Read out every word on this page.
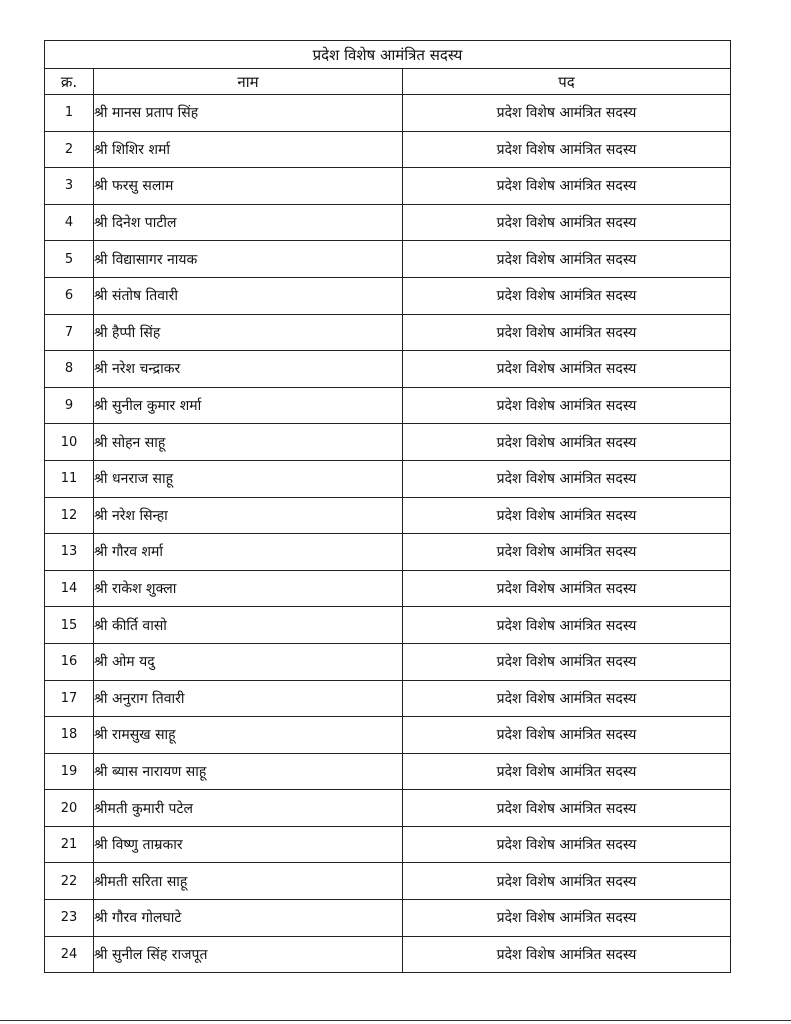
प्रदेश विशेष आमंत्रित सदस्य		
क्र.	नाम	पद
1	श्री मानस प्रताप सिंह	प्रदेश विशेष आमंत्रित सदस्य
2	श्री शिशिर शर्मा	प्रदेश विशेष आमंत्रित सदस्य
3	श्री फरसु सलाम	प्रदेश विशेष आमंत्रित सदस्य
4	श्री दिनेश पाटील	प्रदेश विशेष आमंत्रित सदस्य
5	श्री विद्यासागर नायक	प्रदेश विशेष आमंत्रित सदस्य
6	श्री संतोष तिवारी	प्रदेश विशेष आमंत्रित सदस्य
7	श्री हैप्पी सिंह	प्रदेश विशेष आमंत्रित सदस्य
8	श्री नरेश चन्द्राकर	प्रदेश विशेष आमंत्रित सदस्य
9	श्री सुनील कुमार शर्मा	प्रदेश विशेष आमंत्रित सदस्य
10	श्री सोहन साहू	प्रदेश विशेष आमंत्रित सदस्य
11	श्री धनराज साहू	प्रदेश विशेष आमंत्रित सदस्य
12	श्री नरेश सिन्हा	प्रदेश विशेष आमंत्रित सदस्य
13	श्री गौरव शर्मा	प्रदेश विशेष आमंत्रित सदस्य
14	श्री राकेश शुक्ला	प्रदेश विशेष आमंत्रित सदस्य
15	श्री कीर्ति वासो	प्रदेश विशेष आमंत्रित सदस्य
16	श्री ओम यदु	प्रदेश विशेष आमंत्रित सदस्य
17	श्री अनुराग तिवारी	प्रदेश विशेष आमंत्रित सदस्य
18	श्री रामसुख साहू	प्रदेश विशेष आमंत्रित सदस्य
19	श्री ब्यास नारायण साहू	प्रदेश विशेष आमंत्रित सदस्य
20	श्रीमती कुमारी पटेल	प्रदेश विशेष आमंत्रित सदस्य
21	श्री विष्णु ताम्रकार	प्रदेश विशेष आमंत्रित सदस्य
22	श्रीमती सरिता साहू	प्रदेश विशेष आमंत्रित सदस्य
23	श्री गौरव गोलघाटे	प्रदेश विशेष आमंत्रित सदस्य
24	श्री सुनील सिंह राजपूत	प्रदेश विशेष आमंत्रित सदस्य
